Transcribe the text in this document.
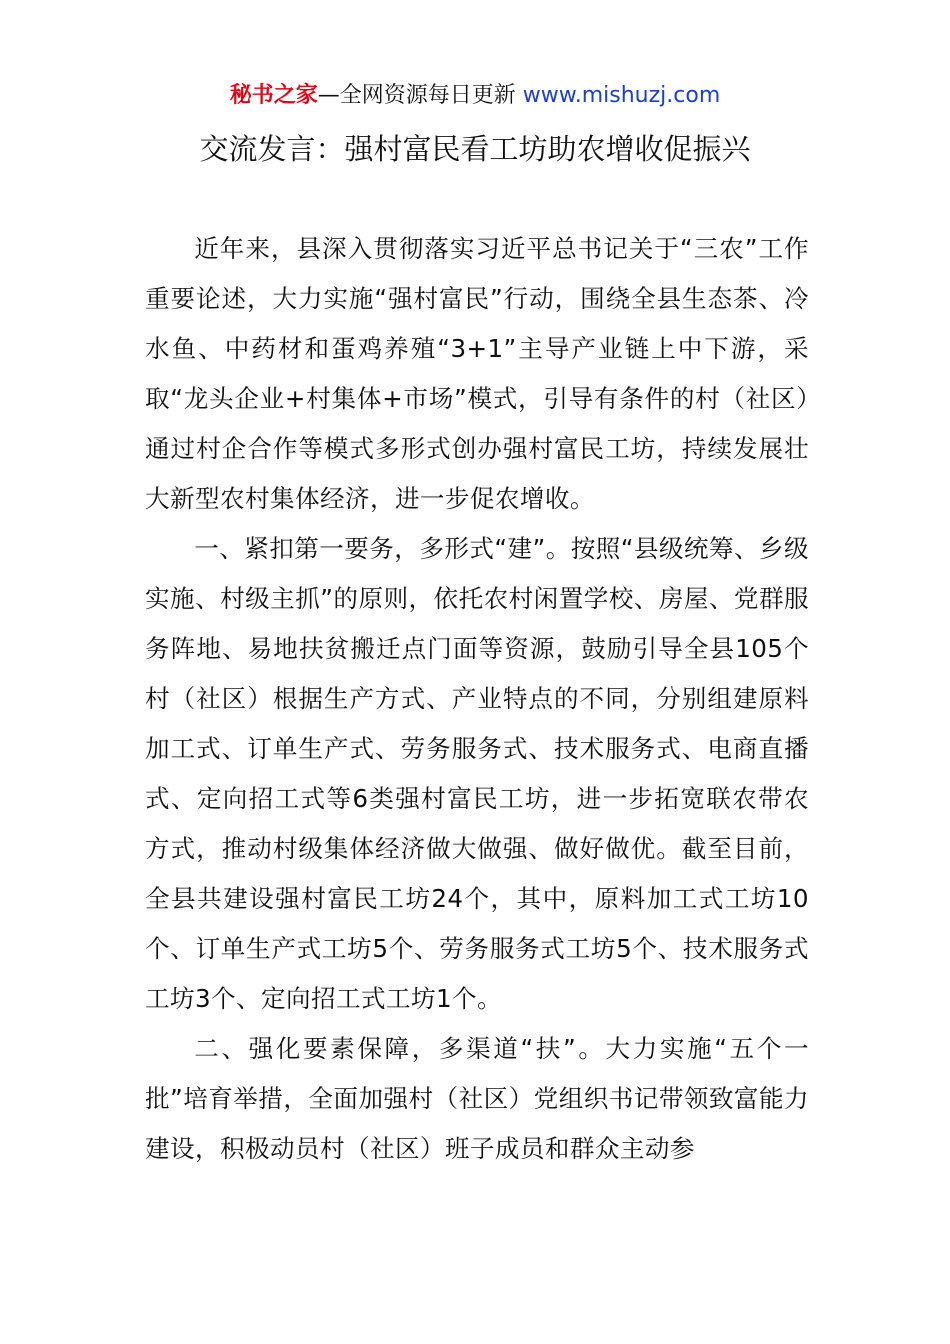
秘书之家—全网资源每日更新 www.mishuzj.com
交流发言：强村富民看工坊助农增收促振兴

近年来，县深入贯彻落实习近平总书记关于“三农”工作重要论述，大力实施“强村富民”行动，围绕全县生态茶、冷水鱼、中药材和蛋鸡养殖“3+1”主导产业链上中下游，采取“龙头企业+村集体+市场”模式，引导有条件的村（社区）通过村企合作等模式多形式创办强村富民工坊，持续发展壮大新型农村集体经济，进一步促农增收。

一、紧扣第一要务，多形式“建”。按照“县级统筹、乡级实施、村级主抓”的原则，依托农村闲置学校、房屋、党群服务阵地、易地扶贫搬迁点门面等资源，鼓励引导全县105个村（社区）根据生产方式、产业特点的不同，分别组建原料加工式、订单生产式、劳务服务式、技术服务式、电商直播式、定向招工式等6类强村富民工坊，进一步拓宽联农带农方式，推动村级集体经济做大做强、做好做优。截至目前，全县共建设强村富民工坊24个，其中，原料加工式工坊10个、订单生产式工坊5个、劳务服务式工坊5个、技术服务式工坊3个、定向招工式工坊1个。

二、强化要素保障，多渠道“扶”。大力实施“五个一批”培育举措，全面加强村（社区）党组织书记带领致富能力建设，积极动员村（社区）班子成员和群众主动参
